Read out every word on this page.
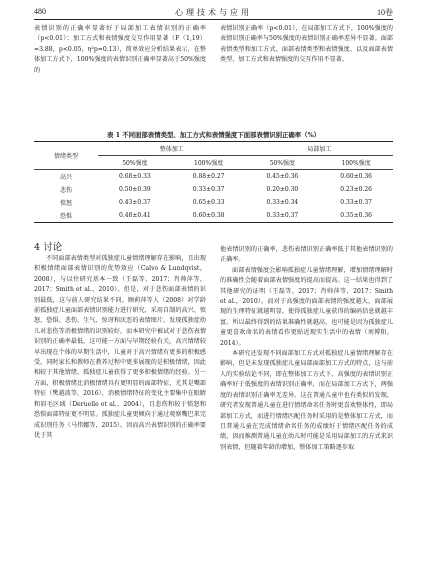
480	心理技术与应用	10卷

表情识别的正确率显著好于局部加工表情识别的正确率（p<0.01）；加工方式和表情强度交互作用显著（F（1,19）=3.88，p<0.05，η²p=0.13），简单效应分析结果表示，在整体加工方式下，100%强度的表情识别正确率显著高于50%强度的

表情识别正确率（p<0.01），在局部加工方式下，100%强度的表情识别正确率与50%强度的表情识别正确率差异不显著。面部表情类型和加工方式、面部表情类型和表情强度、以及面部表情类型、加工方式和表情强度的交互作用不显著。

表 1 不同面部表情类型、加工方式和表情强度下面部表情识别正确率（%）
情绪类型	整体加工		局部加工	
	50%强度	100%强度	50%强度	100%强度
高兴	0.68±0.33	0.88±0.27	0.45±0.36	0.60±0.36
悲伤	0.50±0.39	0.33±0.37	0.20±0.30	0.23±0.26
愤怒	0.43±0.37	0.65±0.33	0.33±0.34	0.33±0.37
恐惧	0.48±0.41	0.60±0.38	0.33±0.37	0.35±0.36
4 讨论

不同面部表情类型对孤独症儿童情绪理解存在影响，且出现积极情绪面部表情识别的优势效应（Calvo & Lundqvist，2008），与以往研究基本一致（王磊等，2017；肖帅萍等，2017；Smith et al.，2010）。但是，对于悲伤面部表情的识别最低，这与前人研究结果不同。顾莉萍等人（2008）对学龄前孤独症儿童面部表情识别能力进行研究，采用自制的高兴、愤怒、恐惧、悲伤、生气、惊讶和厌恶的表情图片，发现孤独症幼儿对悲伤等消极情绪的识别较好，而本研究中被试对于悲伤表情识别的正确率最低。这可能一方面与早期经验有关，高兴情绪较早出现在个体的早期生活中，儿童对于高兴情绪有更多的积极感受，同时家长和教师在教养过程中更多展现的是积极情绪，因此相较于其他情绪，孤独症儿童获得了更多积极情绪的经验。另一方面，积极情绪比消极情绪具有更明显的面部特征，尤其是嘴部特征（樊越波等，2016），消极情绪特征的变化主要集中在眼睛和眉毛区域（Deruelle et al.，2004），且悲伤和较于愤怒和恐惧面部特征更不明显。孤独症儿童更倾向于通过观察嘴巴来完成识别任务（马伟娜等，2015）。因而高兴表情识别的正确率要优于其

他表情识别的正确率，悲伤表情识别正确率低于其他表情识别的正确率。

面部表情强度会影响孤独症儿童情绪理解，增加情绪理解时的准确性会随着面部表情强度的提高而提高。这一结果也得到了其他研究的证明（王磊等，2017；肖帅萍等，2017；Smith et al.，2010）。而对于高强度的面部表情的强度越大，面部展现的生理特征就越明显，使得孤独症儿童获得的编码信息就越丰富，所以最终得到的结果准确性就越高，也可能是因为孤独症儿童更喜欢命名的表情看作更贴近现实生活中的表情（刘博阳，2014）。

本研究还发现不同面部加工方式对孤独症儿童情绪理解存在影响，但是未发现孤独症儿童局部面部加工方式的特点，这与前人的实验结论不同，即在整体加工方式下，高强度的表情识别正确率好于低强度的表情识别正确率，而在局部加工方式下，两强度的表情识别正确率无差异。这在普通儿童中也有类似的发现，研究者发现普通儿童在进行情绪命名任务时更喜欢整体性，即局部加工方式，而进行情绪匹配任务时采用的是整体加工方式，而且普通儿童在完成情绪命名任务的成绩好于情绪匹配任务的成绩，因而推测普通儿童在幼儿时可能是采用局部加工的方式来识别表情，但随着年龄的增加，整体加工策略逐步取
